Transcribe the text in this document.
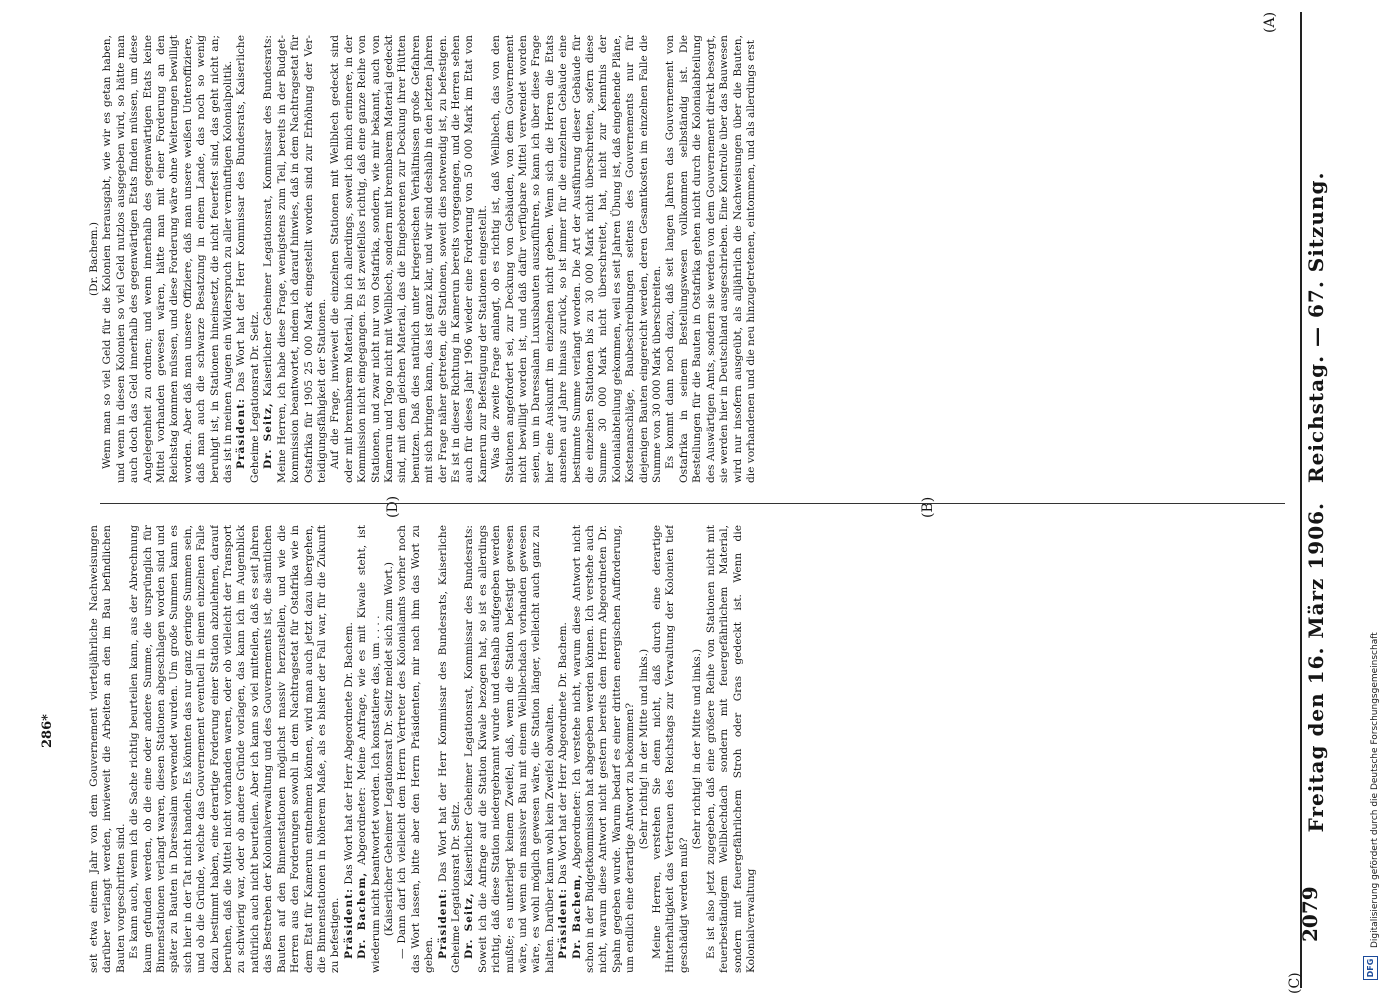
2079
Reichstag. — 67. Sitzung.
Freitag den 16. März 1906.
(A)
(B)
(C)
(D)

(Dr. Bachem.) Wenn man so viel Geld für die Kolonien herausgabt, wie wir es getan haben, und wenn in diesen Kolonien so viel Geld nutzlos ausgegeben wird, so hätte man auch doch das Geld innerhalb des gegenwärtigen Etats finden müssen, um diese Angelegenheit zu ordnen; und wenn innerhalb des gegenwärtigen Etats keine Mittel vorhanden gewesen wären, hätte man mit einer Forderung an den Reichstag kommen müssen, und diese Forderung wäre ohne Weiterungen bewilligt worden. Aber daß man unsere Offiziere, daß man unsere weißen Unteroffiziere, daß man auch die schwarze Besatzung in einem Lande, das noch so wenig beruhigt ist, in Stationen hineinsetzt, die nicht feuerfest sind, das geht nicht an; das ist in meinen Augen ein Widerspruch zu aller vernünftigen Kolonialpolitik. Präsident: Das Wort hat der Herr Kommissar des Bundesrats, Kaiserliche Geheime Legationsrat Dr. Seitz. Dr. Seitz, Kaiserlicher Geheimer Legationsrat, Kommissar des Bundesrats: Meine Herren, ich habe diese Frage, wenigstens zum Teil, bereits in der Budgetkommission beantwortet, indem ich darauf hinwies, daß in dem Nachtragsetat für Ostafrika für 1905 25 000 Mark eingestellt worden sind zur Erhöhung der Verteidigungsfähigkeit der Stationen. Auf die Frage, inwieweit die einzelnen Stationen mit Wellblech gedeckt sind oder mit brennbarem Material, bin ich allerdings, soweit ich mich erinnere, in der Kommission nicht eingegangen. Es ist zweifellos richtig, daß eine ganze Reihe von Stationen, und zwar nicht nur von Ostafrika, sondern, wie mir bekannt, auch von Kamerun und Togo nicht mit Wellblech, sondern mit brennbarem Material gedeckt sind, mit dem gleichen Material, das die Eingeborenen zur Deckung ihrer Hütten benutzen. Daß dies natürlich unter kriegerischen Verhältnissen große Gefahren mit sich bringen kann, das ist ganz klar, und wir sind deshalb in den letzten Jahren der Frage näher getreten, die Stationen, soweit dies notwendig ist, zu befestigen. Es ist in dieser Richtung in Kamerun bereits vorgegangen, und die Herren sehen auch für dieses Jahr 1906 wieder eine Forderung von 50 000 Mark im Etat von Kamerun zur Befestigung der Stationen eingestellt. Was die zweite Frage anlangt, ob es richtig ist, daß Wellblech, das von den Stationen angefordert sei, zur Deckung von Gebäuden, von dem Gouvernement nicht bewilligt worden ist, und daß dafür verfügbare Mittel verwendet worden seien, um in Daressalam Luxusbauten auszuführen, so kann ich über diese Frage hier eine Auskunft im einzelnen nicht geben. Wenn sich die Herren die Etats ansehen auf Jahre hinaus zurück, so ist immer für die einzelnen Gebäude eine bestimmte Summe verlangt worden. Die Art der Ausführung dieser Gebäude für die einzelnen Stationen bis zu 30 000 Mark nicht überschreiten, sofern diese Summe 30 000 Mark nicht überschreitet, hat, nicht zur Kenntnis der Kolonialabteilung gekommen, weil es seit Jahren Übung ist, daß eingehende Pläne, Kostenanschläge, Baubeschreibungen seitens des Gouvernements nur für diejenigen Bauten eingereicht werden, deren Gesamtkosten im einzelnen Falle die Summe von 30 000 Mark überschreiten. Es kommt dann noch dazu, daß seit langen Jahren das Gouvernement von Ostafrika in seinem Bestellungswesen vollkommen selbständig ist. Die Bestellungen für die Bauten in Ostafrika gehen nicht durch die Kolonialabteilung des Auswärtigen Amts, sondern sie werden von dem Gouvernement direkt besorgt, sie werden hier in Deutschland ausgeschrieben. Eine Kontrolle über das Bauwesen wird nur insofern ausgeübt, als alljährlich die Nachweisungen über die Bauten, die vorhandenen und die neu hinzugetretenen, eintommen, und als allerdings erst

seit etwa einem Jahr von dem Gouvernement vierteljährliche Nachweisungen darüber verlangt werden, inwieweit die Arbeiten an den im Bau befindlichen Bauten vorgeschritten sind. Es kann auch, wenn ich die Sache richtig beurteilen kann, aus der Abrechnung kaum gefunden werden, ob die eine oder andere Summe, die ursprünglich für Binnenstationen verlangt waren, diesen Stationen abgeschlagen worden sind und später zu Bauten in Daressalam verwendet wurden. Um große Summen kann es sich hier in der Tat nicht handeln. Es könnten das nur ganz geringe Summen sein, und ob die Gründe, welche das Gouvernement eventuell in einem einzelnen Falle dazu bestimmt haben, eine derartige Forderung einer Station abzulehnen, darauf beruhen, daß die Mittel nicht vorhanden waren, oder ob vielleicht der Transport zu schwierig war, oder ob andere Gründe vorlagen, das kann ich im Augenblick natürlich auch nicht beurteilen. Aber ich kann so viel mitteilen, daß es seit Jahren das Bestreben der Kolonialverwaltung und des Gouvernements ist, die sämtlichen Bauten auf den Binnenstationen möglichst massiv herzustellen, und wie die Herren aus den Forderungen sowohl in dem Nachtragsetat für Ostafrika wie in dem Etat für Kamerun entnehmen können, wird man auch jetzt dazu übergehen, die Binnenstationen in höherem Maße, als es bisher der Fall war, für die Zukunft zu befestigen. Präsident: Das Wort hat der Herr Abgeordnete Dr. Bachem.

Dr. Bachem, Abgeordneter: Meine Anfrage, wie es mit Kiwale steht, ist wiederum nicht beantwortet worden. Ich konstatiere das, um . . . . (Kaiserlicher Geheimer Legationsrat Dr. Seitz meldet sich zum Wort.) — Dann darf ich vielleicht dem Herrn Vertreter des Kolonialamts vorher noch das Wort lassen, bitte aber den Herrn Präsidenten, mir nach ihm das Wort zu geben. Präsident: Das Wort hat der Herr Kommissar des Bundesrats, Kaiserliche Geheime Legationsrat Dr. Seitz. Dr. Seitz, Kaiserlicher Geheimer Legationsrat, Kommissar des Bundesrats: Soweit ich die Anfrage auf die Station Kiwale bezogen hat, so ist es allerdings richtig, daß diese Station niedergebrannt wurde und deshalb aufgegeben werden mußte; es unterliegt keinem Zweifel, daß, wenn die Station befestigt gewesen wäre, und wenn ein massiver Bau mit einem Wellblechdach vorhanden gewesen wäre, es wohl möglich gewesen wäre, die Station länger, vielleicht auch ganz zu halten. Darüber kann wohl kein Zweifel obwalten. Präsident: Das Wort hat der Herr Abgeordnete Dr. Bachem.

Dr. Bachem, Abgeordneter: Ich verstehe nicht, warum diese Antwort nicht schon in der Budgetkommission hat abgegeben werden können. Ich verstehe auch nicht, warum diese Antwort nicht gestern bereits dem Herrn Abgeordneten Dr. Spahn gegeben wurde. Warum bedarf es einer dritten energischen Aufforderung, um endlich eine derartige Antwort zu bekommen? (Sehr richtig! in der Mitte und links.) Meine Herren, verstehen Sie denn nicht, daß durch eine derartige Hinterhaltigkeit das Vertrauen des Reichstags zur Verwaltung der Kolonien tief geschädigt werden muß?

(Sehr richtig! in der Mitte und links.) Es ist also jetzt zugegeben, daß eine größere Reihe von Stationen nicht mit feuerbeständigem Wellblechdach sondern mit feuergefährlichem Material, sondern mit feuergefährlichem Stroh oder Gras gedeckt ist. Wenn die Kolonialverwaltung

286*
DFG
Digitalisierung gefördert durch die Deutsche Forschungsgemeinschaft
